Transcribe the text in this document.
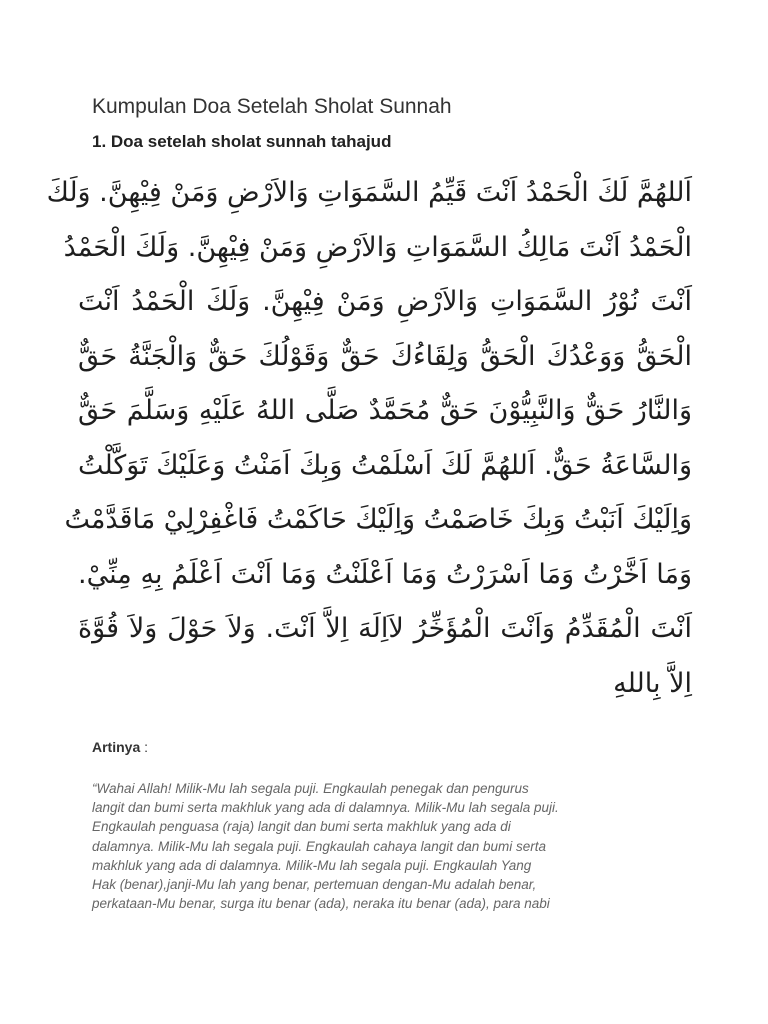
Kumpulan Doa Setelah Sholat Sunnah
1. Doa setelah sholat sunnah tahajud
اَللهُمَّ لَكَ الْحَمْدُ اَنْتَ قَيِّمُ السَّمَوَاتِ وَالاَرْضِ وَمَنْ فِيْهِنَّ. وَلَكَ
الْحَمْدُ اَنْتَ مَالِكُ السَّمَوَاتِ وَالاَرْضِ وَمَنْ فِيْهِنَّ. وَلَكَ الْحَمْدُ
اَنْتَ نُوْرُ السَّمَوَاتِ وَالاَرْضِ وَمَنْ فِيْهِنَّ. وَلَكَ الْحَمْدُ اَنْتَ
الْحَقُّ وَوَعْدُكَ الْحَقُّ وَلِقَاءُكَ حَقٌّ وَقَوْلُكَ حَقٌّ وَالْجَنَّةُ حَقٌّ
وَالنَّارُ حَقٌّ وَالنَّبِيُّوْنَ حَقٌّ مُحَمَّدٌ صَلَّى اللهُ عَلَيْهِ وَسَلَّمَ حَقٌّ
وَالسَّاعَةُ حَقٌّ. اَللهُمَّ لَكَ اَسْلَمْتُ وَبِكَ اَمَنْتُ وَعَلَيْكَ تَوَكَّلْتُ
وَاِلَيْكَ اَنَبْتُ وَبِكَ خَاصَمْتُ وَاِلَيْكَ حَاكَمْتُ فَاغْفِرْلِيْ مَاقَدَّمْتُ
وَمَا اَخَّرْتُ وَمَا اَسْرَرْتُ وَمَا اَعْلَنْتُ وَمَا اَنْتَ اَعْلَمُ بِهِ مِنِّيْ.
اَنْتَ الْمُقَدِّمُ وَاَنْتَ الْمُؤَخِّرُ لاَاِلَهَ اِلاَّ اَنْتَ. وَلاَ حَوْلَ وَلاَ قُوَّةَ
اِلاَّ بِاللهِ
Artinya :
“Wahai Allah! Milik-Mu lah segala puji. Engkaulah penegak dan pengurus
langit dan bumi serta makhluk yang ada di dalamnya. Milik-Mu lah segala puji.
Engkaulah penguasa (raja) langit dan bumi serta makhluk yang ada di
dalamnya. Milik-Mu lah segala puji. Engkaulah cahaya langit dan bumi serta
makhluk yang ada di dalamnya. Milik-Mu lah segala puji. Engkaulah Yang
Hak (benar),janji-Mu lah yang benar, pertemuan dengan-Mu adalah benar,
perkataan-Mu benar, surga itu benar (ada), neraka itu benar (ada), para nabi
